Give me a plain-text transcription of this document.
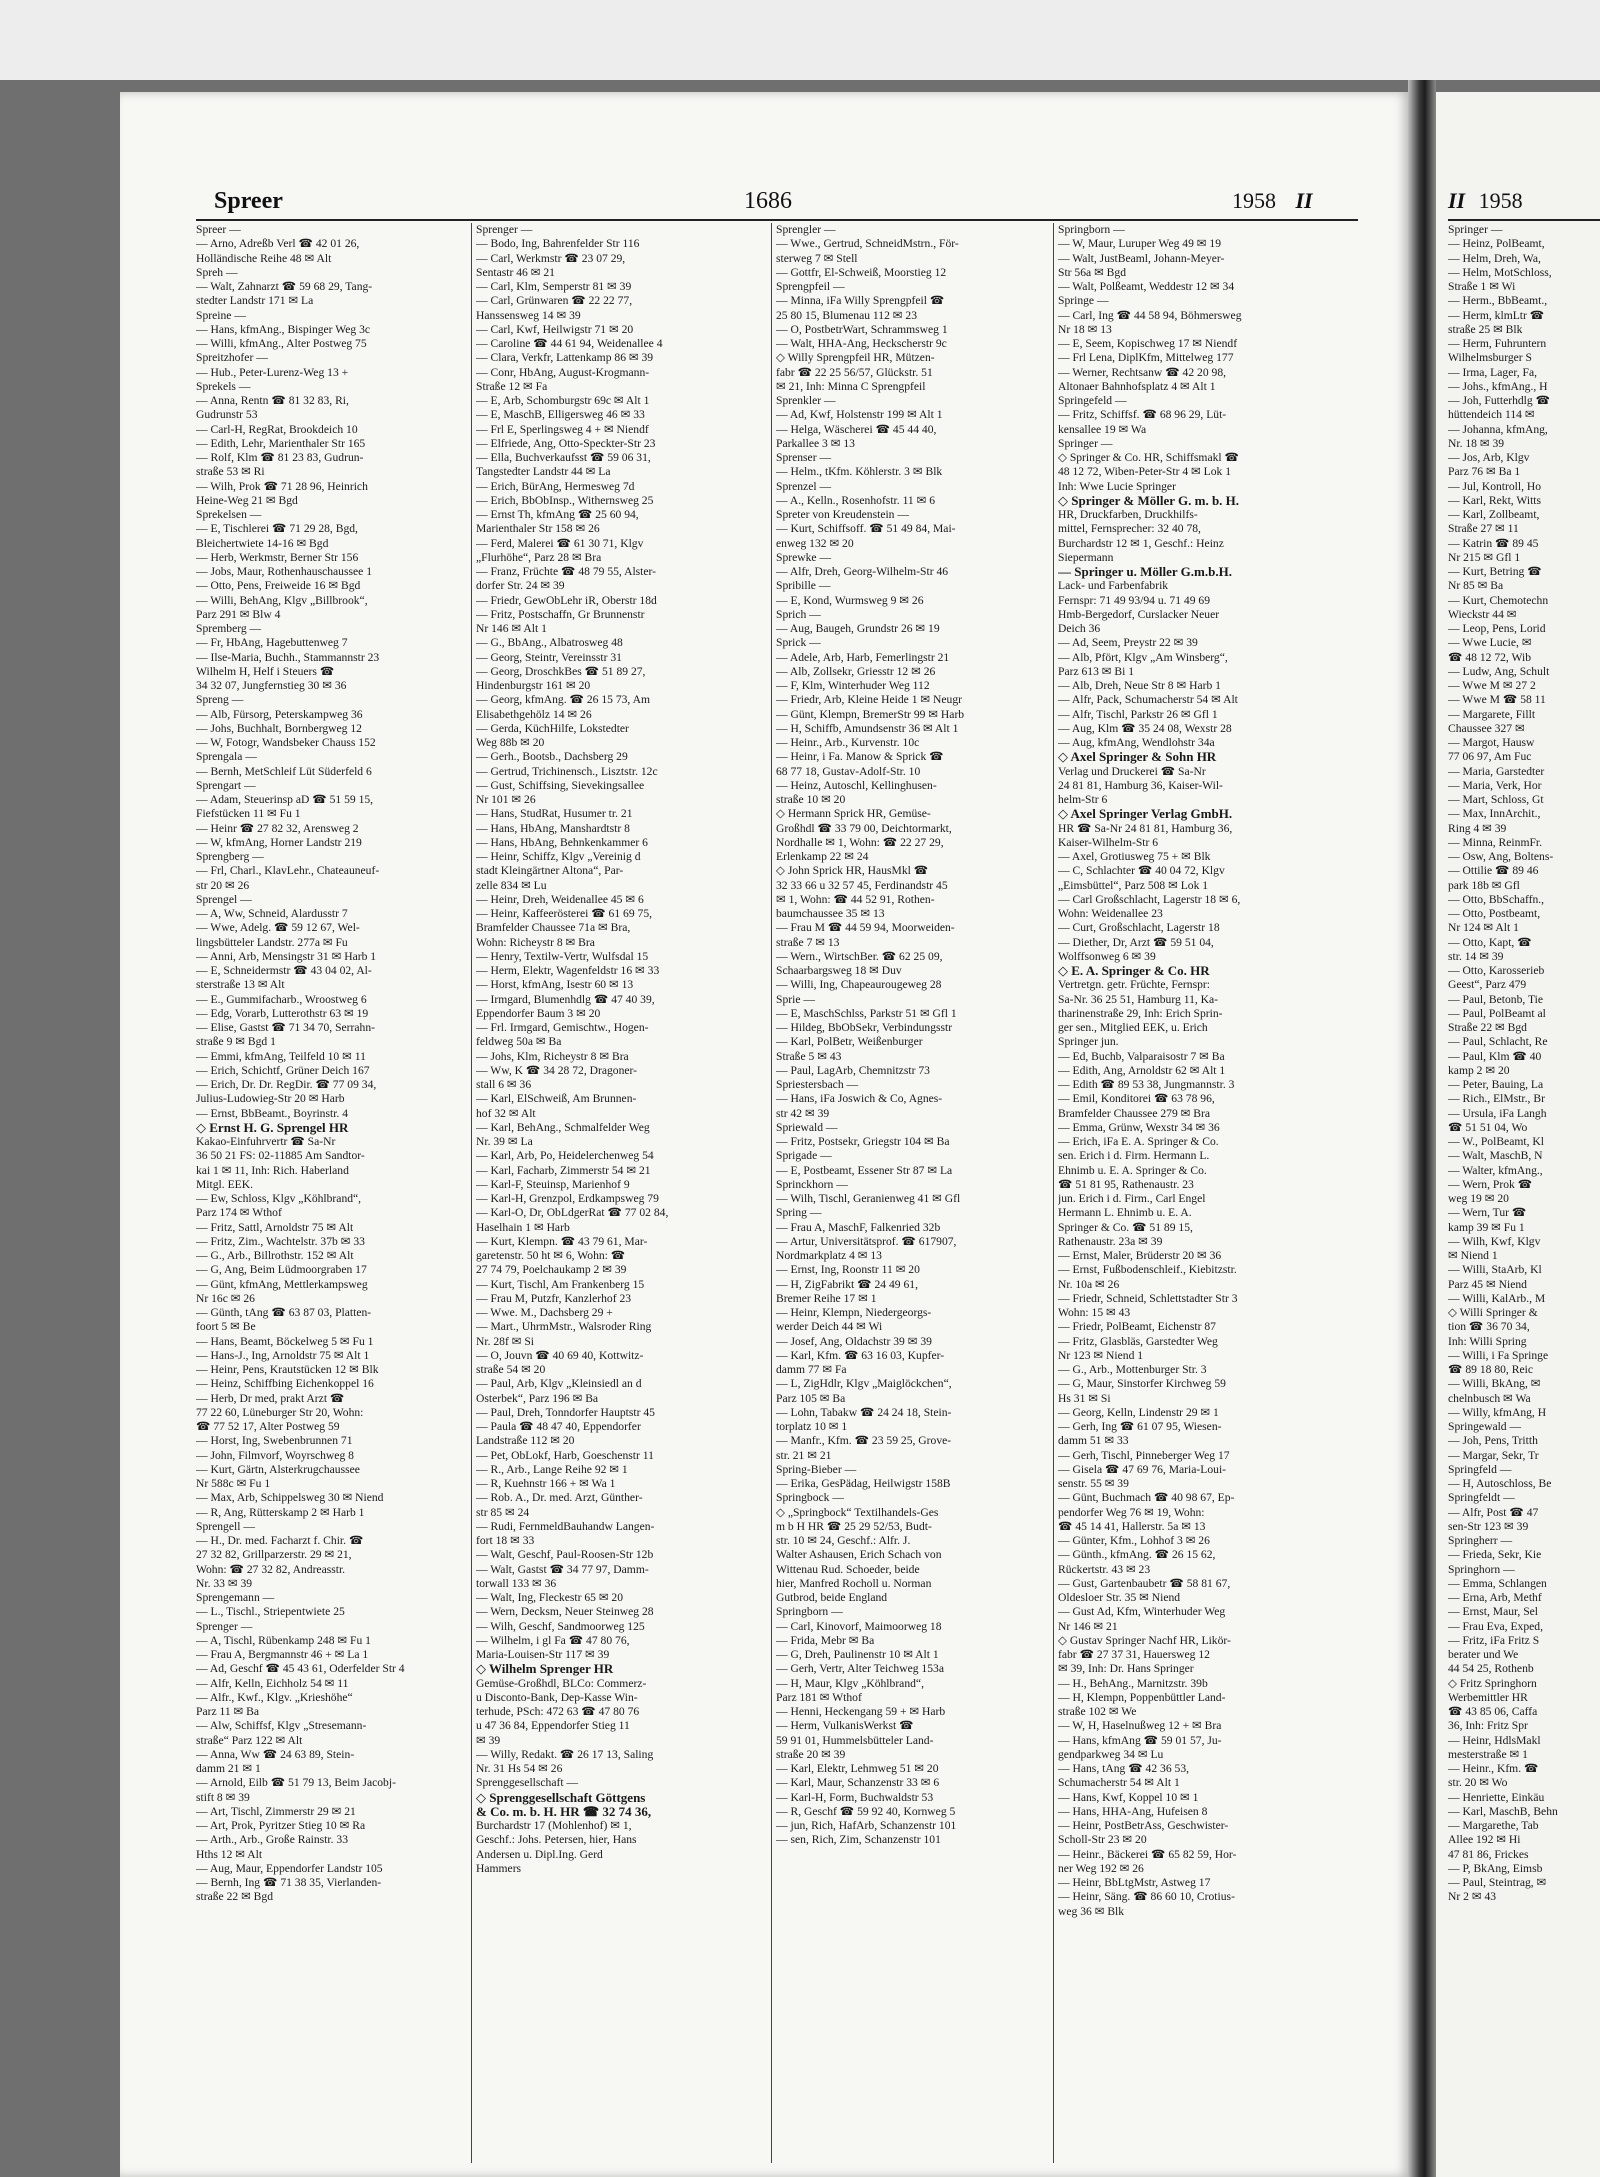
Spreer	1686	1958 II	II 1958
Spreer —
— Arno, Adreßb Verl ☎ 42 01 26,
Holländische Reihe 48 ✉ Alt
Spreh —
— Walt, Zahnarzt ☎ 59 68 29, Tang-
stedter Landstr 171 ✉ La
Spreine —
— Hans, kfmAng., Bispinger Weg 3c
— Willi, kfmAng., Alter Postweg 75
Spreitzhofer —
— Hub., Peter-Lurenz-Weg 13 +
Sprekels —
— Anna, Rentn ☎ 81 32 83, Ri,
Gudrunstr 53
— Carl-H, RegRat, Brookdeich 10
— Edith, Lehr, Marienthaler Str 165
— Rolf, Klm ☎ 81 23 83, Gudrun-
straße 53 ✉ Ri
— Wilh, Prok ☎ 71 28 96, Heinrich
Heine-Weg 21 ✉ Bgd
Sprekelsen —
— E, Tischlerei ☎ 71 29 28, Bgd,
Bleichertwiete 14-16 ✉ Bgd
— Herb, Werkmstr, Berner Str 156
— Jobs, Maur, Rothenhauschaussee 1
— Otto, Pens, Freiweide 16 ✉ Bgd
— Willi, BehAng, Klgv „Billbrook“,
Parz 291 ✉ Blw 4
Spremberg —
— Fr, HbAng, Hagebuttenweg 7
— Ilse-Maria, Buchh., Stammannstr 23
Wilhelm H, Helf i Steuers ☎
34 32 07, Jungfernstieg 30 ✉ 36
Spreng —
— Alb, Fürsorg, Peterskampweg 36
— Johs, Buchhalt, Bornbergweg 12
— W, Fotogr, Wandsbeker Chauss 152
Sprengala —
— Bernh, MetSchleif Lüt Süderfeld 6
Sprengart —
— Adam, Steuerinsp aD ☎ 51 59 15,
Fiefstücken 11 ✉ Fu 1
— Heinr ☎ 27 82 32, Arensweg 2
— W, kfmAng, Horner Landstr 219
Sprengberg —
— Frl, Charl., KlavLehr., Chateauneuf-
str 20 ✉ 26
Sprengel —
— A, Ww, Schneid, Alardusstr 7
— Wwe, Adelg. ☎ 59 12 67, Wel-
lingsbütteler Landstr. 277a ✉ Fu
— Anni, Arb, Mensingstr 31 ✉ Harb 1
— E, Schneidermstr ☎ 43 04 02, Al-
sterstraße 13 ✉ Alt
— E., Gummifacharb., Wroostweg 6
— Edg, Vorarb, Lutterothstr 63 ✉ 19
— Elise, Gastst ☎ 71 34 70, Serrahn-
straße 9 ✉ Bgd 1
— Emmi, kfmAng, Teilfeld 10 ✉ 11
— Erich, Schichtf, Grüner Deich 167
— Erich, Dr. Dr. RegDir. ☎ 77 09 34,
Julius-Ludowieg-Str 20 ✉ Harb
— Ernst, BbBeamt., Boyrinstr. 4
◇ Ernst H. G. Sprengel HR
Kakao-Einfuhrvertr ☎ Sa-Nr
36 50 21 FS: 02-11885 Am Sandtor-
kai 1 ✉ 11, Inh: Rich. Haberland
Mitgl. EEK.
— Ew, Schloss, Klgv „Köhlbrand“,
Parz 174 ✉ Wthof
— Fritz, Sattl, Arnoldstr 75 ✉ Alt
— Fritz, Zim., Wachtelstr. 37b ✉ 33
— G., Arb., Billrothstr. 152 ✉ Alt
— G, Ang, Beim Lüdmoorgraben 17
— Günt, kfmAng, Mettlerkampsweg
Nr 16c ✉ 26
— Günth, tAng ☎ 63 87 03, Platten-
foort 5 ✉ Be
— Hans, Beamt, Böckelweg 5 ✉ Fu 1
— Hans-J., Ing, Arnoldstr 75 ✉ Alt 1
— Heinr, Pens, Krautstücken 12 ✉ Blk
— Heinz, Schiffbing Eichenkoppel 16
— Herb, Dr med, prakt Arzt ☎
77 22 60, Lüneburger Str 20, Wohn:
☎ 77 52 17, Alter Postweg 59
— Horst, Ing, Swebenbrunnen 71
— John, Filmvorf, Woyrschweg 8
— Kurt, Gärtn, Alsterkrugchaussee
Nr 588c ✉ Fu 1
— Max, Arb, Schippelsweg 30 ✉ Niend
— R, Ang, Rütterskamp 2 ✉ Harb 1
Sprengell —
— H., Dr. med. Facharzt f. Chir. ☎
27 32 82, Grillparzerstr. 29 ✉ 21,
Wohn: ☎ 27 32 82, Andreasstr.
Nr. 33 ✉ 39
Sprengemann —
— L., Tischl., Striepentwiete 25
Sprenger —
— A, Tischl, Rübenkamp 248 ✉ Fu 1
— Frau A, Bergmannstr 46 + ✉ La 1
— Ad, Geschf ☎ 45 43 61, Oderfelder Str 4
— Alfr, Kelln, Eichholz 54 ✉ 11
— Alfr., Kwf., Klgv. „Krieshöhe“
Parz 11 ✉ Ba
— Alw, Schiffsf, Klgv „Stresemann-
straße“ Parz 122 ✉ Alt
— Anna, Ww ☎ 24 63 89, Stein-
damm 21 ✉ 1
— Arnold, Eilb ☎ 51 79 13, Beim Jacobj-
stift 8 ✉ 39
— Art, Tischl, Zimmerstr 29 ✉ 21
— Art, Prok, Pyritzer Stieg 10 ✉ Ra
— Arth., Arb., Große Rainstr. 33
Hths 12 ✉ Alt
— Aug, Maur, Eppendorfer Landstr 105
— Bernh, Ing ☎ 71 38 35, Vierlanden-
straße 22 ✉ Bgd
Sprenger —
— Bodo, Ing, Bahrenfelder Str 116
— Carl, Werkmstr ☎ 23 07 29,
Sentastr 46 ✉ 21
— Carl, Klm, Semperstr 81 ✉ 39
— Carl, Grünwaren ☎ 22 22 77,
Hanssensweg 14 ✉ 39
— Carl, Kwf, Heilwigstr 71 ✉ 20
— Caroline ☎ 44 61 94, Weidenallee 4
— Clara, Verkfr, Lattenkamp 86 ✉ 39
— Conr, HbAng, August-Krogmann-
Straße 12 ✉ Fa
— E, Arb, Schomburgstr 69c ✉ Alt 1
— E, MaschB, Elligersweg 46 ✉ 33
— Frl E, Sperlingsweg 4 + ✉ Niendf
— Elfriede, Ang, Otto-Speckter-Str 23
— Ella, Buchverkaufsst ☎ 59 06 31,
Tangstedter Landstr 44 ✉ La
— Erich, BürAng, Hermesweg 7d
— Erich, BbObInsp., Withernsweg 25
— Ernst Th, kfmAng ☎ 25 60 94,
Marienthaler Str 158 ✉ 26
— Ferd, Malerei ☎ 61 30 71, Klgv
„Flurhöhe“, Parz 28 ✉ Bra
— Franz, Früchte ☎ 48 79 55, Alster-
dorfer Str. 24 ✉ 39
— Friedr, GewObLehr iR, Oberstr 18d
— Fritz, Postschaffn, Gr Brunnenstr
Nr 146 ✉ Alt 1
— G., BbAng., Albatrosweg 48
— Georg, Steintr, Vereinsstr 31
— Georg, DroschkBes ☎ 51 89 27,
Hindenburgstr 161 ✉ 20
— Georg, kfmAng. ☎ 26 15 73, Am
Elisabethgehölz 14 ✉ 26
— Gerda, KüchHilfe, Lokstedter
Weg 88b ✉ 20
— Gerh., Bootsb., Dachsberg 29
— Gertrud, Trichinensch., Lisztstr. 12c
— Gust, Schiffsing, Sievekingsallee
Nr 101 ✉ 26
— Hans, StudRat, Husumer tr. 21
— Hans, HbAng, Manshardtstr 8
— Hans, HbAng, Behnkenkammer 6
— Heinr, Schiffz, Klgv „Vereinig d
stadt Kleingärtner Altona“, Par-
zelle 834 ✉ Lu
— Heinr, Dreh, Weidenallee 45 ✉ 6
— Heinr, Kaffeerösterei ☎ 61 69 75,
Bramfelder Chaussee 71a ✉ Bra,
Wohn: Richeystr 8 ✉ Bra
— Henry, Textilw-Vertr, Wulfsdal 15
— Herm, Elektr, Wagenfeldstr 16 ✉ 33
— Horst, kfmAng, Isestr 60 ✉ 13
— Irmgard, Blumenhdlg ☎ 47 40 39,
Eppendorfer Baum 3 ✉ 20
— Frl. Irmgard, Gemischtw., Hogen-
feldweg 50a ✉ Ba
— Johs, Klm, Richeystr 8 ✉ Bra
— Ww, K ☎ 34 28 72, Dragoner-
stall 6 ✉ 36
— Karl, ElSchweiß, Am Brunnen-
hof 32 ✉ Alt
— Karl, BehAng., Schmalfelder Weg
Nr. 39 ✉ La
— Karl, Arb, Po, Heidelerchenweg 54
— Karl, Facharb, Zimmerstr 54 ✉ 21
— Karl-F, Steuinsp, Marienhof 9
— Karl-H, Grenzpol, Erdkampsweg 79
— Karl-O, Dr, ObLdgerRat ☎ 77 02 84,
Haselhain 1 ✉ Harb
— Kurt, Klempn. ☎ 43 79 61, Mar-
garetenstr. 50 ht ✉ 6, Wohn: ☎
27 74 79, Poelchaukamp 2 ✉ 39
— Kurt, Tischl, Am Frankenberg 15
— Frau M, Putzfr, Kanzlerhof 23
— Wwe. M., Dachsberg 29 +
— Mart., UhrmMstr., Walsroder Ring
Nr. 28f ✉ Si
— O, Jouvn ☎ 40 69 40, Kottwitz-
straße 54 ✉ 20
— Paul, Arb, Klgv „Kleinsiedl an d
Osterbek“, Parz 196 ✉ Ba
— Paul, Dreh, Tonndorfer Hauptstr 45
— Paula ☎ 48 47 40, Eppendorfer
Landstraße 112 ✉ 20
— Pet, ObLokf, Harb, Goeschenstr 11
— R., Arb., Lange Reihe 92 ✉ 1
— R, Kuehnstr 166 + ✉ Wa 1
— Rob. A., Dr. med. Arzt, Günther-
str 85 ✉ 24
— Rudi, FernmeldBauhandw Langen-
fort 18 ✉ 33
— Walt, Geschf, Paul-Roosen-Str 12b
— Walt, Gastst ☎ 34 77 97, Damm-
torwall 133 ✉ 36
— Walt, Ing, Fleckestr 65 ✉ 20
— Wern, Decksm, Neuer Steinweg 28
— Wilh, Geschf, Sandmoorweg 125
— Wilhelm, i gl Fa ☎ 47 80 76,
Maria-Louisen-Str 117 ✉ 39
◇ Wilhelm Sprenger HR
Gemüse-Großhdl, BLCo: Commerz-
u Disconto-Bank, Dep-Kasse Win-
terhude, PSch: 472 63 ☎ 47 80 76
u 47 36 84, Eppendorfer Stieg 11
✉ 39
— Willy, Redakt. ☎ 26 17 13, Saling
Nr. 31 Hs 54 ✉ 26
Sprenggesellschaft —
◇ Sprenggesellschaft Göttgens
& Co. m. b. H. HR ☎ 32 74 36,
Burchardstr 17 (Mohlenhof) ✉ 1,
Geschf.: Johs. Petersen, hier, Hans
Andersen u. Dipl.Ing. Gerd
Hammers
Sprengler —
— Wwe., Gertrud, SchneidMstrn., För-
sterweg 7 ✉ Stell
— Gottfr, El-Schweiß, Moorstieg 12
Sprengpfeil —
— Minna, iFa Willy Sprengpfeil ☎
25 80 15, Blumenau 112 ✉ 23
— O, PostbetrWart, Schrammsweg 1
— Walt, HHA-Ang, Heckscherstr 9c
◇ Willy Sprengpfeil HR, Mützen-
fabr ☎ 22 25 56/57, Glückstr. 51
✉ 21, Inh: Minna C Sprengpfeil
Sprenkler —
— Ad, Kwf, Holstenstr 199 ✉ Alt 1
— Helga, Wäscherei ☎ 45 44 40,
Parkallee 3 ✉ 13
Sprenser —
— Helm., tKfm. Köhlerstr. 3 ✉ Blk
Sprenzel —
— A., Kelln., Rosenhofstr. 11 ✉ 6
Spreter von Kreudenstein —
— Kurt, Schiffsoff. ☎ 51 49 84, Mai-
enweg 132 ✉ 20
Sprewke —
— Alfr, Dreh, Georg-Wilhelm-Str 46
Spribille —
— E, Kond, Wurmsweg 9 ✉ 26
Sprich —
— Aug, Baugeh, Grundstr 26 ✉ 19
Sprick —
— Adele, Arb, Harb, Femerlingstr 21
— Alb, Zollsekr, Griesstr 12 ✉ 26
— F, Klm, Winterhuder Weg 112
— Friedr, Arb, Kleine Heide 1 ✉ Neugr
— Günt, Klempn, BremerStr 99 ✉ Harb
— H, Schiffb, Amundsenstr 36 ✉ Alt 1
— Heinr., Arb., Kurvenstr. 10c
— Heinr, i Fa. Manow & Sprick ☎
68 77 18, Gustav-Adolf-Str. 10
— Heinz, Autoschl, Kellinghusen-
straße 10 ✉ 20
◇ Hermann Sprick HR, Gemüse-
Großhdl ☎ 33 79 00, Deichtormarkt,
Nordhalle ✉ 1, Wohn: ☎ 22 27 29,
Erlenkamp 22 ✉ 24
◇ John Sprick HR, HausMkl ☎
32 33 66 u 32 57 45, Ferdinandstr 45
✉ 1, Wohn: ☎ 44 52 91, Rothen-
baumchaussee 35 ✉ 13
— Frau M ☎ 44 59 94, Moorweiden-
straße 7 ✉ 13
— Wern., WirtschBer. ☎ 62 25 09,
Schaarbargsweg 18 ✉ Duv
— Willi, Ing, Chapeaurougeweg 28
Sprie —
— E, MaschSchlss, Parkstr 51 ✉ Gfl 1
— Hildeg, BbObSekr, Verbindungsstr
— Karl, PolBetr, Weißenburger
Straße 5 ✉ 43
— Paul, LagArb, Chemnitzstr 73
Spriestersbach —
— Hans, iFa Joswich & Co, Agnes-
str 42 ✉ 39
Spriewald —
— Fritz, Postsekr, Griegstr 104 ✉ Ba
Sprigade —
— E, Postbeamt, Essener Str 87 ✉ La
Sprinckhorn —
— Wilh, Tischl, Geranienweg 41 ✉ Gfl
Spring —
— Frau A, MaschF, Falkenried 32b
— Artur, Universitätsprof. ☎ 617907,
Nordmarkplatz 4 ✉ 13
— Ernst, Ing, Roonstr 11 ✉ 20
— H, ZigFabrikt ☎ 24 49 61,
Bremer Reihe 17 ✉ 1
— Heinr, Klempn, Niedergeorgs-
werder Deich 44 ✉ Wi
— Josef, Ang, Oldachstr 39 ✉ 39
— Karl, Kfm. ☎ 63 16 03, Kupfer-
damm 77 ✉ Fa
— L, ZigHdlr, Klgv „Maiglöckchen“,
Parz 105 ✉ Ba
— Lohn, Tabakw ☎ 24 24 18, Stein-
torplatz 10 ✉ 1
— Manfr., Kfm. ☎ 23 59 25, Grove-
str. 21 ✉ 21
Spring-Bieber —
— Erika, GesPädag, Heilwigstr 158B
Springbock —
◇ „Springbock“ Textilhandels-Ges
m b H HR ☎ 25 29 52/53, Budt-
str. 10 ✉ 24, Geschf.: Alfr. J.
Walter Ashausen, Erich Schach von
Wittenau Rud. Schoeder, beide
hier, Manfred Rocholl u. Norman
Gutbrod, beide England
Springborn —
— Carl, Kinovorf, Maimoorweg 18
— Frida, Mebr ✉ Ba
— G, Dreh, Paulinenstr 10 ✉ Alt 1
— Gerh, Vertr, Alter Teichweg 153a
— H, Maur, Klgv „Köhlbrand“,
Parz 181 ✉ Wthof
— Henni, Heckengang 59 + ✉ Harb
— Herm, VulkanisWerkst ☎
59 91 01, Hummelsbütteler Land-
straße 20 ✉ 39
— Karl, Elektr, Lehmweg 51 ✉ 20
— Karl, Maur, Schanzenstr 33 ✉ 6
— Karl-H, Form, Buchwaldstr 53
— R, Geschf ☎ 59 92 40, Kornweg 5
— jun, Rich, HafArb, Schanzenstr 101
— sen, Rich, Zim, Schanzenstr 101
Springborn —
— W, Maur, Luruper Weg 49 ✉ 19
— Walt, JustBeaml, Johann-Meyer-
Str 56a ✉ Bgd
— Walt, Polßeamt, Weddestr 12 ✉ 34
Springe —
— Carl, Ing ☎ 44 58 94, Böhmersweg
Nr 18 ✉ 13
— E, Seem, Kopischweg 17 ✉ Niendf
— Frl Lena, DiplKfm, Mittelweg 177
— Werner, Rechtsanw ☎ 42 20 98,
Altonaer Bahnhofsplatz 4 ✉ Alt 1
Springefeld —
— Fritz, Schiffsf. ☎ 68 96 29, Lüt-
kensallee 19 ✉ Wa
Springer —
◇ Springer & Co. HR, Schiffsmakl ☎
48 12 72, Wiben-Peter-Str 4 ✉ Lok 1
Inh: Wwe Lucie Springer
◇ Springer & Möller G. m. b. H.
HR, Druckfarben, Druckhilfs-
mittel, Fernsprecher: 32 40 78,
Burchardstr 12 ✉ 1, Geschf.: Heinz
Siepermann
— Springer u. Möller G.m.b.H.
Lack- und Farbenfabrik
Fernspr: 71 49 93/94 u. 71 49 69
Hmb-Bergedorf, Curslacker Neuer
Deich 36
— Ad, Seem, Preystr 22 ✉ 39
— Alb, Pfört, Klgv „Am Winsberg“,
Parz 613 ✉ Bi 1
— Alb, Dreh, Neue Str 8 ✉ Harb 1
— Alfr, Pack, Schumacherstr 54 ✉ Alt
— Alfr, Tischl, Parkstr 26 ✉ Gfl 1
— Aug, Klm ☎ 35 24 08, Wexstr 28
— Aug, kfmAng, Wendlohstr 34a
◇ Axel Springer & Sohn HR
Verlag und Druckerei ☎ Sa-Nr
24 81 81, Hamburg 36, Kaiser-Wil-
helm-Str 6
◇ Axel Springer Verlag GmbH.
HR ☎ Sa-Nr 24 81 81, Hamburg 36,
Kaiser-Wilhelm-Str 6
— Axel, Grotiusweg 75 + ✉ Blk
— C, Schlachter ☎ 40 04 72, Klgv
„Eimsbüttel“, Parz 508 ✉ Lok 1
— Carl Großschlacht, Lagerstr 18 ✉ 6,
Wohn: Weidenallee 23
— Curt, Großschlacht, Lagerstr 18
— Diether, Dr, Arzt ☎ 59 51 04,
Wolffsonweg 6 ✉ 39
◇ E. A. Springer & Co. HR
Vertretgn. getr. Früchte, Fernspr:
Sa-Nr. 36 25 51, Hamburg 11, Ka-
tharinenstraße 29, Inh: Erich Sprin-
ger sen., Mitglied EEK, u. Erich
Springer jun.
— Ed, Buchb, Valparaisostr 7 ✉ Ba
— Edith, Ang, Arnoldstr 62 ✉ Alt 1
— Edith ☎ 89 53 38, Jungmannstr. 3
— Emil, Konditorei ☎ 63 78 96,
Bramfelder Chaussee 279 ✉ Bra
— Emma, Grünw, Wexstr 34 ✉ 36
— Erich, iFa E. A. Springer & Co.
sen. Erich i d. Firm. Hermann L.
Ehnimb u. E. A. Springer & Co.
☎ 51 81 95, Rathenaustr. 23
jun. Erich i d. Firm., Carl Engel
Hermann L. Ehnimb u. E. A.
Springer & Co. ☎ 51 89 15,
Rathenaustr. 23a ✉ 39
— Ernst, Maler, Brüderstr 20 ✉ 36
— Ernst, Fußbodenschleif., Kiebitzstr.
Nr. 10a ✉ 26
— Friedr, Schneid, Schlettstadter Str 3
Wohn: 15 ✉ 43
— Friedr, PolBeamt, Eichenstr 87
— Fritz, Glasbläs, Garstedter Weg
Nr 123 ✉ Niend 1
— G., Arb., Mottenburger Str. 3
— G, Maur, Sinstorfer Kirchweg 59
Hs 31 ✉ Si
— Georg, Kelln, Lindenstr 29 ✉ 1
— Gerh, Ing ☎ 61 07 95, Wiesen-
damm 51 ✉ 33
— Gerh, Tischl, Pinneberger Weg 17
— Gisela ☎ 47 69 76, Maria-Loui-
senstr. 55 ✉ 39
— Günt, Buchmach ☎ 40 98 67, Ep-
pendorfer Weg 76 ✉ 19, Wohn:
☎ 45 14 41, Hallerstr. 5a ✉ 13
— Günter, Kfm., Lohhof 3 ✉ 26
— Günth., kfmAng. ☎ 26 15 62,
Rückertstr. 43 ✉ 23
— Gust, Gartenbaubetr ☎ 58 81 67,
Oldesloer Str. 35 ✉ Niend
— Gust Ad, Kfm, Winterhuder Weg
Nr 146 ✉ 21
◇ Gustav Springer Nachf HR, Likör-
fabr ☎ 27 37 31, Hauersweg 12
✉ 39, Inh: Dr. Hans Springer
— H., BehAng., Marnitzstr. 39b
— H, Klempn, Poppenbüttler Land-
straße 102 ✉ We
— W, H, Haselnußweg 12 + ✉ Bra
— Hans, kfmAng ☎ 59 01 57, Ju-
gendparkweg 34 ✉ Lu
— Hans, tAng ☎ 42 36 53,
Schumacherstr 54 ✉ Alt 1
— Hans, Kwf, Koppel 10 ✉ 1
— Hans, HHA-Ang, Hufeisen 8
— Heinr, PostBetrAss, Geschwister-
Scholl-Str 23 ✉ 20
— Heinr., Bäckerei ☎ 65 82 59, Hor-
ner Weg 192 ✉ 26
— Heinr, BbLtgMstr, Astweg 17
— Heinr, Säng. ☎ 86 60 10, Crotius-
weg 36 ✉ Blk
Springer —
— Heinz, PolBeamt,
— Helm, Dreh, Wa,
— Helm, MotSchloss,
Straße 1 ✉ Wi
— Herm., BbBeamt.,
— Herm, klmLtr ☎
straße 25 ✉ Blk
— Herm, Fuhruntern
Wilhelmsburger S
— Irma, Lager, Fa,
— Johs., kfmAng., H
— Joh, Futterhdlg ☎
hüttendeich 114 ✉
— Johanna, kfmAng,
Nr. 18 ✉ 39
— Jos, Arb, Klgv
Parz 76 ✉ Ba 1
— Jul, Kontroll, Ho
— Karl, Rekt, Witts
— Karl, Zollbeamt,
Straße 27 ✉ 11
— Katrin ☎ 89 45
Nr 215 ✉ Gfl 1
— Kurt, Betring ☎
Nr 85 ✉ Ba
— Kurt, Chemotechn
Wieckstr 44 ✉
— Leop, Pens, Lorid
— Wwe Lucie, ✉
☎ 48 12 72, Wib
— Ludw, Ang, Schult
— Wwe M ✉ 27 2
— Wwe M ☎ 58 11
— Margarete, Fillt
Chaussee 327 ✉
— Margot, Hausw
77 06 97, Am Fuc
— Maria, Garstedter
— Maria, Verk, Hor
— Mart, Schloss, Gt
— Max, InnArchit.,
Ring 4 ✉ 39
— Minna, ReinmFr.
— Osw, Ang, Boltens-
— Ottilie ☎ 89 46
park 18b ✉ Gfl
— Otto, BbSchaffn.,
— Otto, Postbeamt,
Nr 124 ✉ Alt 1
— Otto, Kapt, ☎
str. 14 ✉ 39
— Otto, Karosserieb
Geest“, Parz 479
— Paul, Betonb, Tie
— Paul, PolBeamt al
Straße 22 ✉ Bgd
— Paul, Schlacht, Re
— Paul, Klm ☎ 40
kamp 2 ✉ 20
— Peter, Bauing, La
— Rich., ElMstr., Br
— Ursula, iFa Langh
☎ 51 51 04, Wo
— W., PolBeamt, Kl
— Walt, MaschB, N
— Walter, kfmAng.,
— Wern, Prok ☎
weg 19 ✉ 20
— Wern, Tur ☎
kamp 39 ✉ Fu 1
— Wilh, Kwf, Klgv
✉ Niend 1
— Willi, StaArb, Kl
Parz 45 ✉ Niend
— Willi, KalArb., M
◇ Willi Springer &
tion ☎ 36 70 34,
Inh: Willi Spring
— Willi, i Fa Springe
☎ 89 18 80, Reic
— Willi, BkAng, ✉
chelnbusch ✉ Wa
— Willy, kfmAng, H
Springewald —
— Joh, Pens, Tritth
— Margar, Sekr, Tr
Springfeld —
— H, Autoschloss, Be
Springfeldt —
— Alfr, Post ☎ 47
sen-Str 123 ✉ 39
Springherr —
— Frieda, Sekr, Kie
Springhorn —
— Emma, Schlangen
— Erna, Arb, Methf
— Ernst, Maur, Sel
— Frau Eva, Exped,
— Fritz, iFa Fritz S
berater und We
44 54 25, Rothenb
◇ Fritz Springhorn
Werbemittler HR
☎ 43 85 06, Caffa
36, Inh: Fritz Spr
— Heinr, HdlsMakl
mesterstraße ✉ 1
— Heinr., Kfm. ☎
str. 20 ✉ Wo
— Henriette, Einkäu
— Karl, MaschB, Behn
— Margarethe, Tab
Allee 192 ✉ Hi
47 81 86, Frickes
— P, BkAng, Eimsb
— Paul, Steintrag, ✉
Nr 2 ✉ 43
